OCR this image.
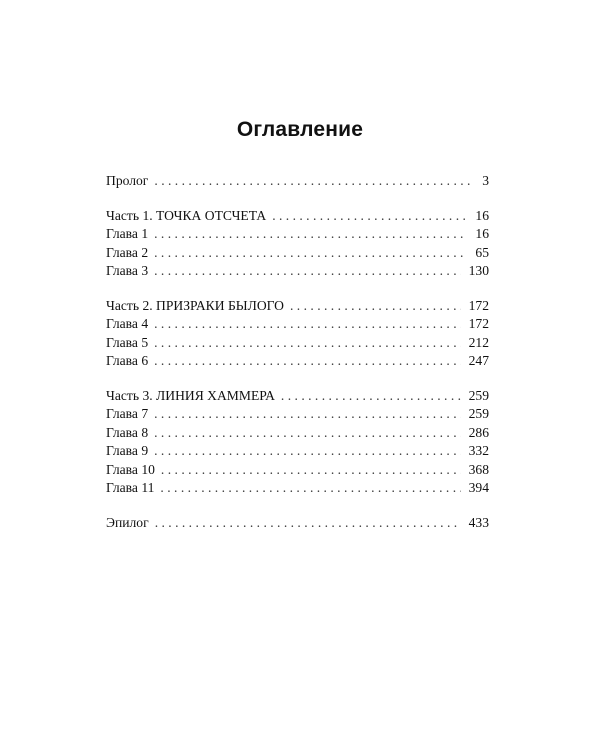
Оглавление
Пролог . . .	3
Часть 1. ТОЧКА ОТСЧЕТА . . .	16
Глава 1 . . .	16
Глава 2 . . .	65
Глава 3 . . .	130
Часть 2. ПРИЗРАКИ БЫЛОГО . . .	172
Глава 4 . . .	172
Глава 5 . . .	212
Глава 6 . . .	247
Часть 3. ЛИНИЯ ХАММЕРА . . .	259
Глава 7 . . .	259
Глава 8 . . .	286
Глава 9 . . .	332
Глава 10 . . .	368
Глава 11 . . .	394
Эпилог . . .	433
